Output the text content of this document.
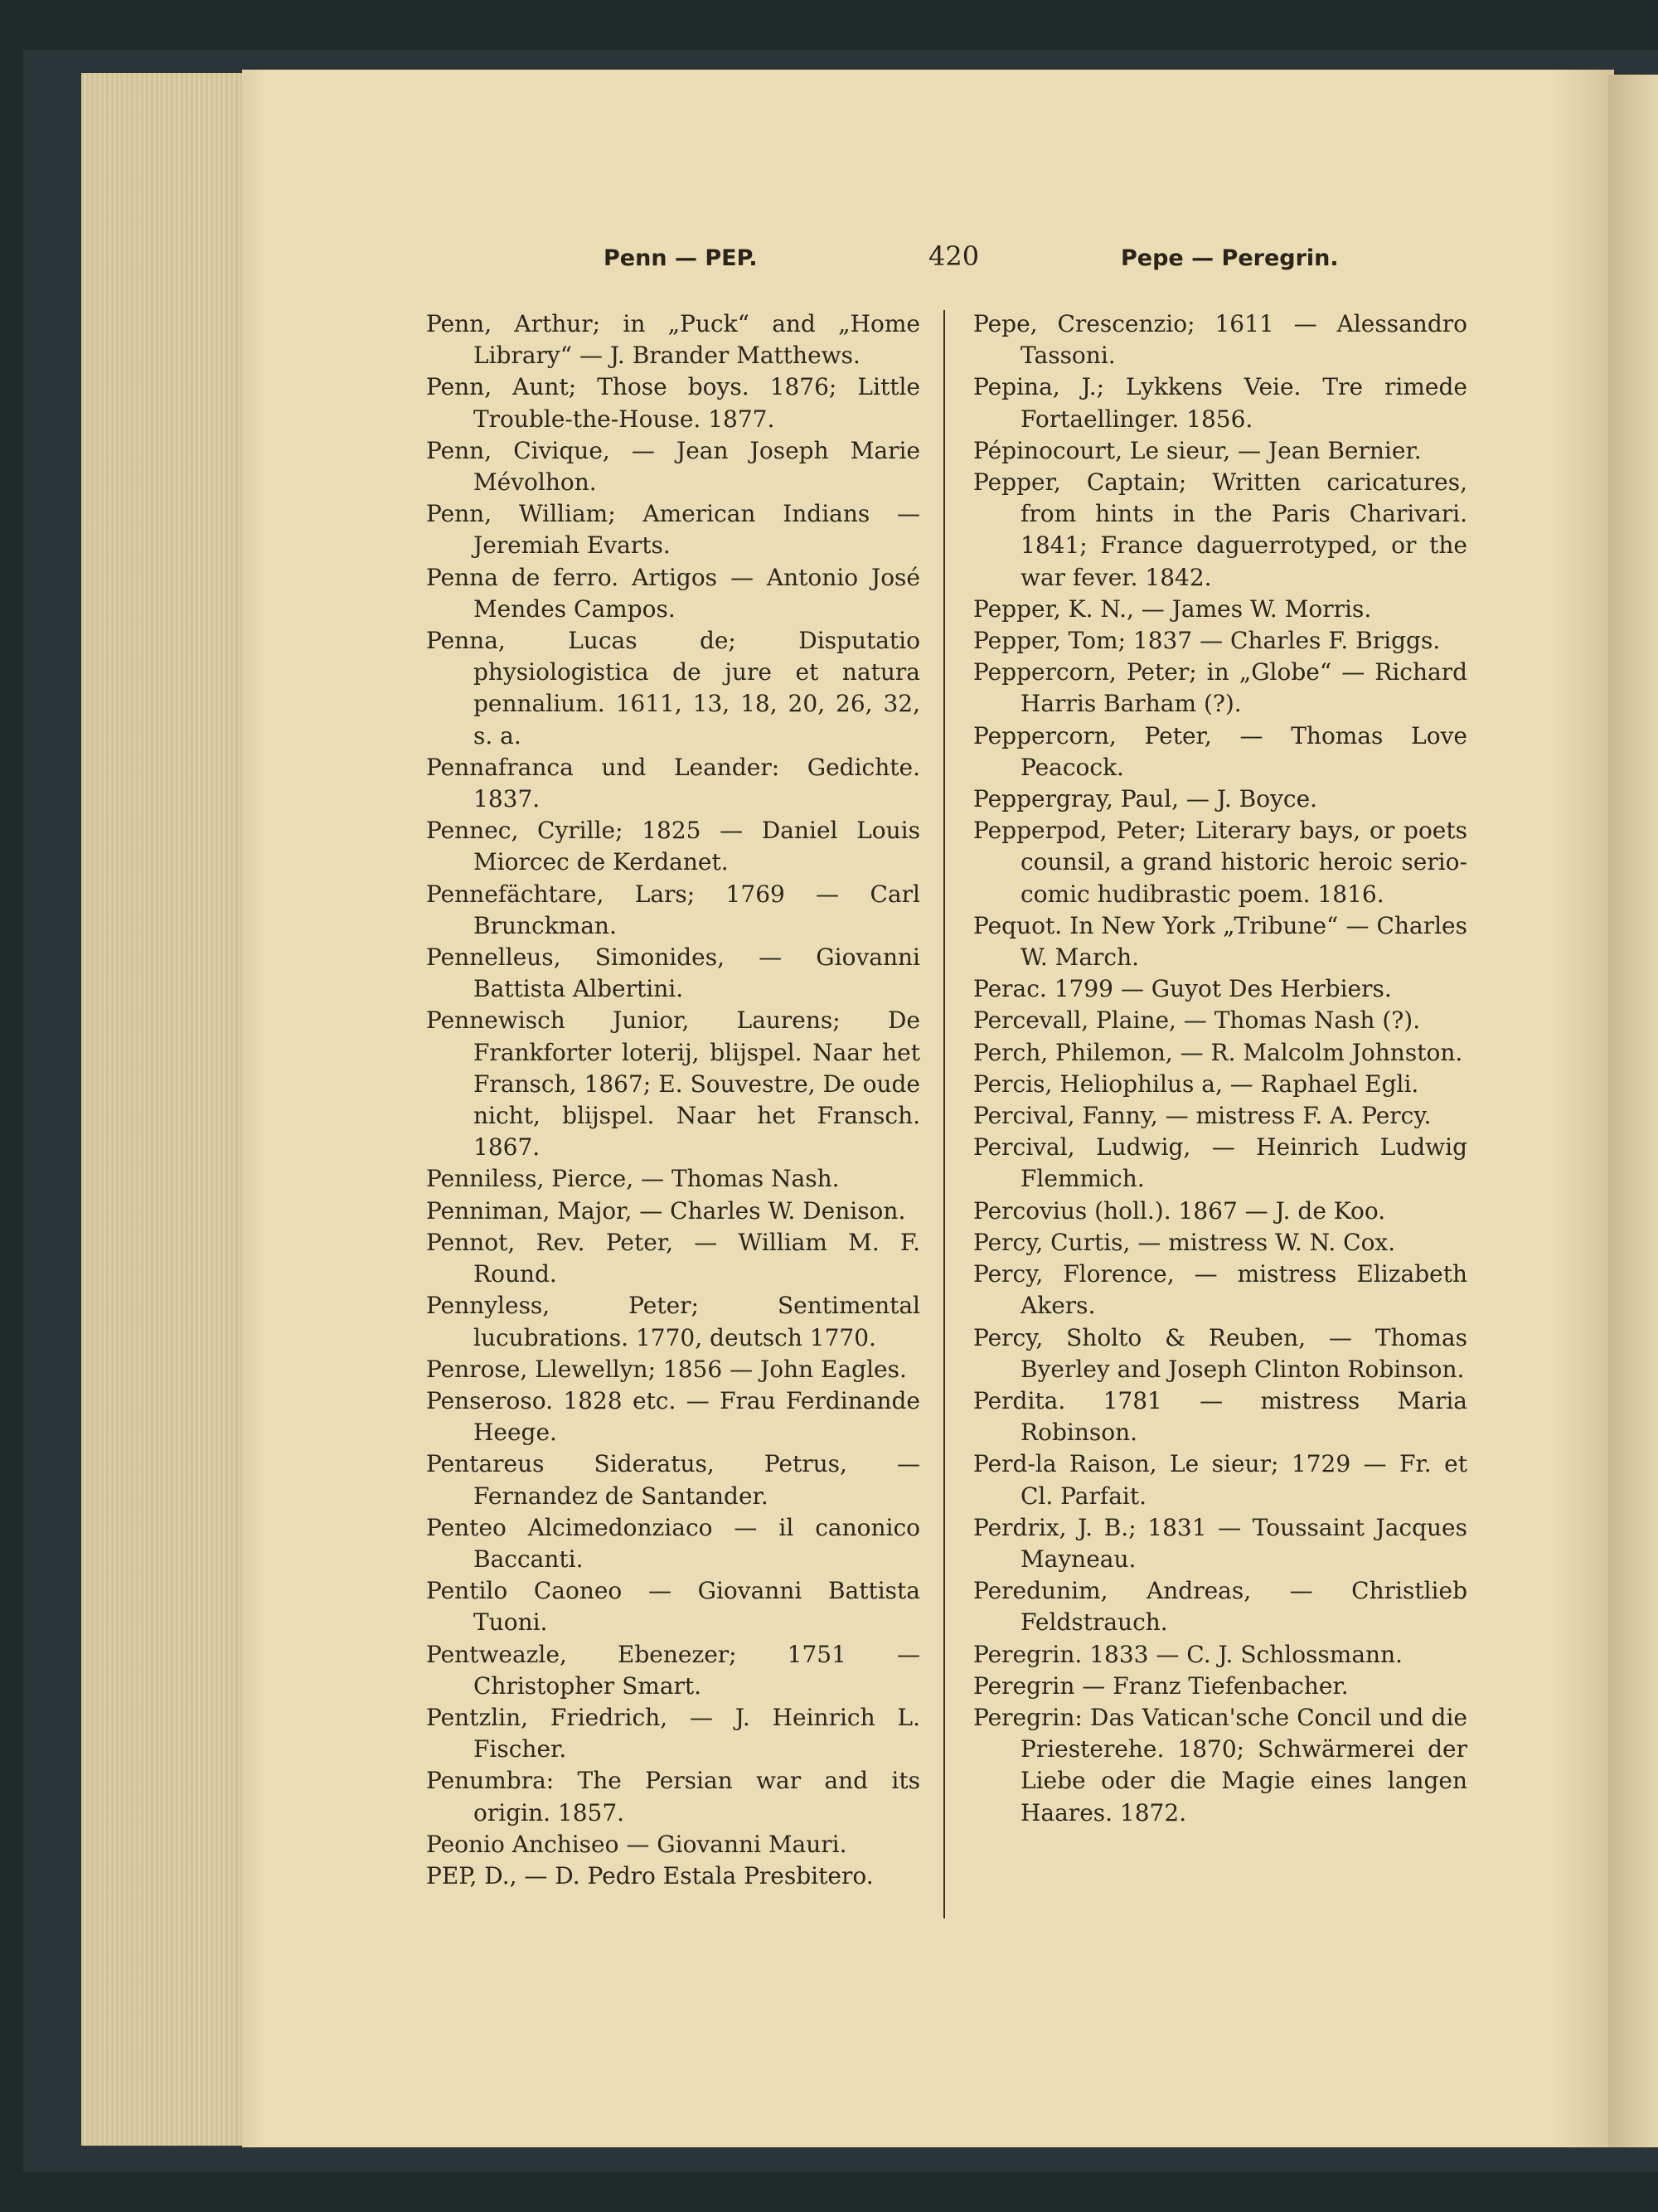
Penn — PEP.	420	Pepe — Peregrin.
Penn, Arthur; in „Puck“ and „Home Library“ — J. Brander Matthews.
Penn, Aunt; Those boys. 1876; Little Trouble-the-House. 1877.
Penn, Civique, — Jean Joseph Marie Mévolhon.
Penn, William; American Indians — Jeremiah Evarts.
Penna de ferro. Artigos — Antonio José Mendes Campos.
Penna, Lucas de; Disputatio physiologistica de jure et natura pennalium. 1611, 13, 18, 20, 26, 32, s. a.
Pennafranca und Leander: Gedichte. 1837.
Pennec, Cyrille; 1825 — Daniel Louis Miorcec de Kerdanet.
Pennefächtare, Lars; 1769 — Carl Brunckman.
Pennelleus, Simonides, — Giovanni Battista Albertini.
Pennewisch Junior, Laurens; De Frankforter loterij, blijspel. Naar het Fransch, 1867; E. Souvestre, De oude nicht, blijspel. Naar het Fransch. 1867.
Penniless, Pierce, — Thomas Nash.
Penniman, Major, — Charles W. Denison.
Pennot, Rev. Peter, — William M. F. Round.
Pennyless, Peter; Sentimental lucubrations. 1770, deutsch 1770.
Penrose, Llewellyn; 1856 — John Eagles.
Penseroso. 1828 etc. — Frau Ferdinande Heege.
Pentareus Sideratus, Petrus, — Fernandez de Santander.
Penteo Alcimedonziaco — il canonico Baccanti.
Pentilo Caoneo — Giovanni Battista Tuoni.
Pentweazle, Ebenezer; 1751 — Christopher Smart.
Pentzlin, Friedrich, — J. Heinrich L. Fischer.
Penumbra: The Persian war and its origin. 1857.
Peonio Anchiseo — Giovanni Mauri.
PEP, D., — D. Pedro Estala Presbitero.
Pepe, Crescenzio; 1611 — Alessandro Tassoni.
Pepina, J.; Lykkens Veie. Tre rimede Fortaellinger. 1856.
Pépinocourt, Le sieur, — Jean Bernier.
Pepper, Captain; Written caricatures, from hints in the Paris Charivari. 1841; France daguerrotyped, or the war fever. 1842.
Pepper, K. N., — James W. Morris.
Pepper, Tom; 1837 — Charles F. Briggs.
Peppercorn, Peter; in „Globe“ — Richard Harris Barham (?).
Peppercorn, Peter, — Thomas Love Peacock.
Peppergray, Paul, — J. Boyce.
Pepperpod, Peter; Literary bays, or poets counsil, a grand historic heroic serio-comic hudibrastic poem. 1816.
Pequot. In New York „Tribune“ — Charles W. March.
Perac. 1799 — Guyot Des Herbiers.
Percevall, Plaine, — Thomas Nash (?).
Perch, Philemon, — R. Malcolm Johnston.
Percis, Heliophilus a, — Raphael Egli.
Percival, Fanny, — mistress F. A. Percy.
Percival, Ludwig, — Heinrich Ludwig Flemmich.
Percovius (holl.). 1867 — J. de Koo.
Percy, Curtis, — mistress W. N. Cox.
Percy, Florence, — mistress Elizabeth Akers.
Percy, Sholto & Reuben, — Thomas Byerley and Joseph Clinton Robinson.
Perdita. 1781 — mistress Maria Robinson.
Perd-la Raison, Le sieur; 1729 — Fr. et Cl. Parfait.
Perdrix, J. B.; 1831 — Toussaint Jacques Mayneau.
Peredunim, Andreas, — Christlieb Feldstrauch.
Peregrin. 1833 — C. J. Schlossmann.
Peregrin — Franz Tiefenbacher.
Peregrin: Das Vatican'sche Concil und die Priesterehe. 1870; Schwärmerei der Liebe oder die Magie eines langen Haares. 1872.
